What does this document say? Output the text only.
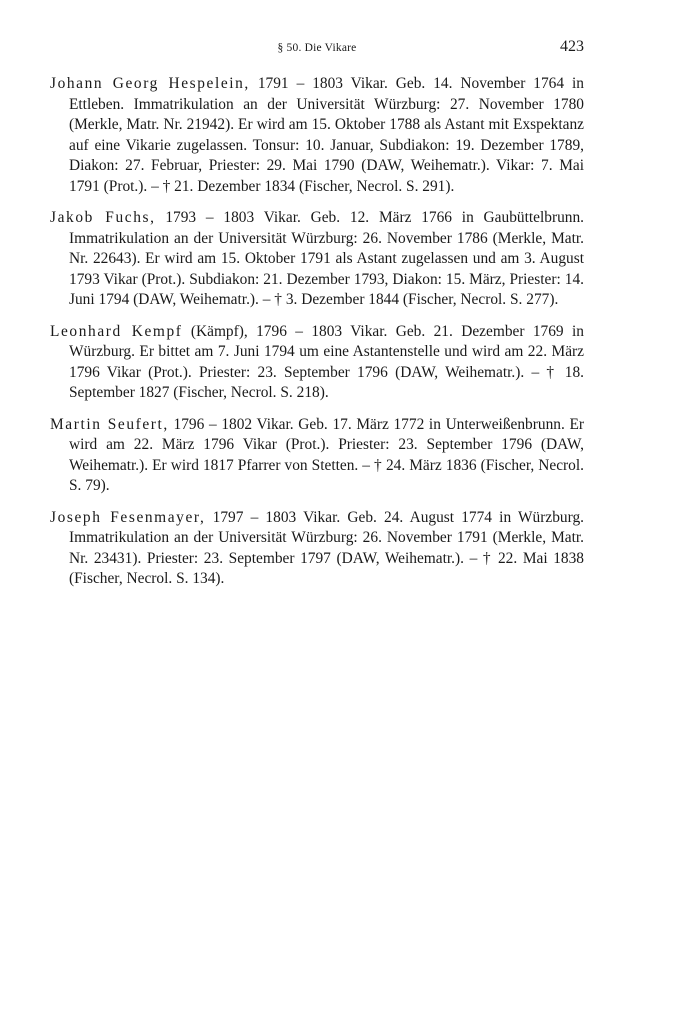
§ 50. Die Vikare	423

Johann Georg Hespelein, 1791 – 1803 Vikar. Geb. 14. November 1764 in Ettleben. Immatrikulation an der Universität Würzburg: 27. November 1780 (Merkle, Matr. Nr. 21942). Er wird am 15. Oktober 1788 als Astant mit Exspektanz auf eine Vikarie zugelassen. Tonsur: 10. Januar, Subdiakon: 19. Dezember 1789, Diakon: 27. Februar, Priester: 29. Mai 1790 (DAW, Weihematr.). Vikar: 7. Mai 1791 (Prot.). – † 21. Dezember 1834 (Fischer, Necrol. S. 291).

Jakob Fuchs, 1793 – 1803 Vikar. Geb. 12. März 1766 in Gaubüttelbrunn. Immatrikulation an der Universität Würzburg: 26. November 1786 (Merkle, Matr. Nr. 22643). Er wird am 15. Oktober 1791 als Astant zugelassen und am 3. August 1793 Vikar (Prot.). Subdiakon: 21. Dezember 1793, Diakon: 15. März, Priester: 14. Juni 1794 (DAW, Weihematr.). – † 3. Dezember 1844 (Fischer, Necrol. S. 277).

Leonhard Kempf (Kämpf), 1796 – 1803 Vikar. Geb. 21. Dezember 1769 in Würzburg. Er bittet am 7. Juni 1794 um eine Astantenstelle und wird am 22. März 1796 Vikar (Prot.). Priester: 23. September 1796 (DAW, Weihematr.). – † 18. September 1827 (Fischer, Necrol. S. 218).

Martin Seufert, 1796 – 1802 Vikar. Geb. 17. März 1772 in Unterweißenbrunn. Er wird am 22. März 1796 Vikar (Prot.). Priester: 23. September 1796 (DAW, Weihematr.). Er wird 1817 Pfarrer von Stetten. – † 24. März 1836 (Fischer, Necrol. S. 79).

Joseph Fesenmayer, 1797 – 1803 Vikar. Geb. 24. August 1774 in Würzburg. Immatrikulation an der Universität Würzburg: 26. November 1791 (Merkle, Matr. Nr. 23431). Priester: 23. September 1797 (DAW, Weihematr.). – † 22. Mai 1838 (Fischer, Necrol. S. 134).
